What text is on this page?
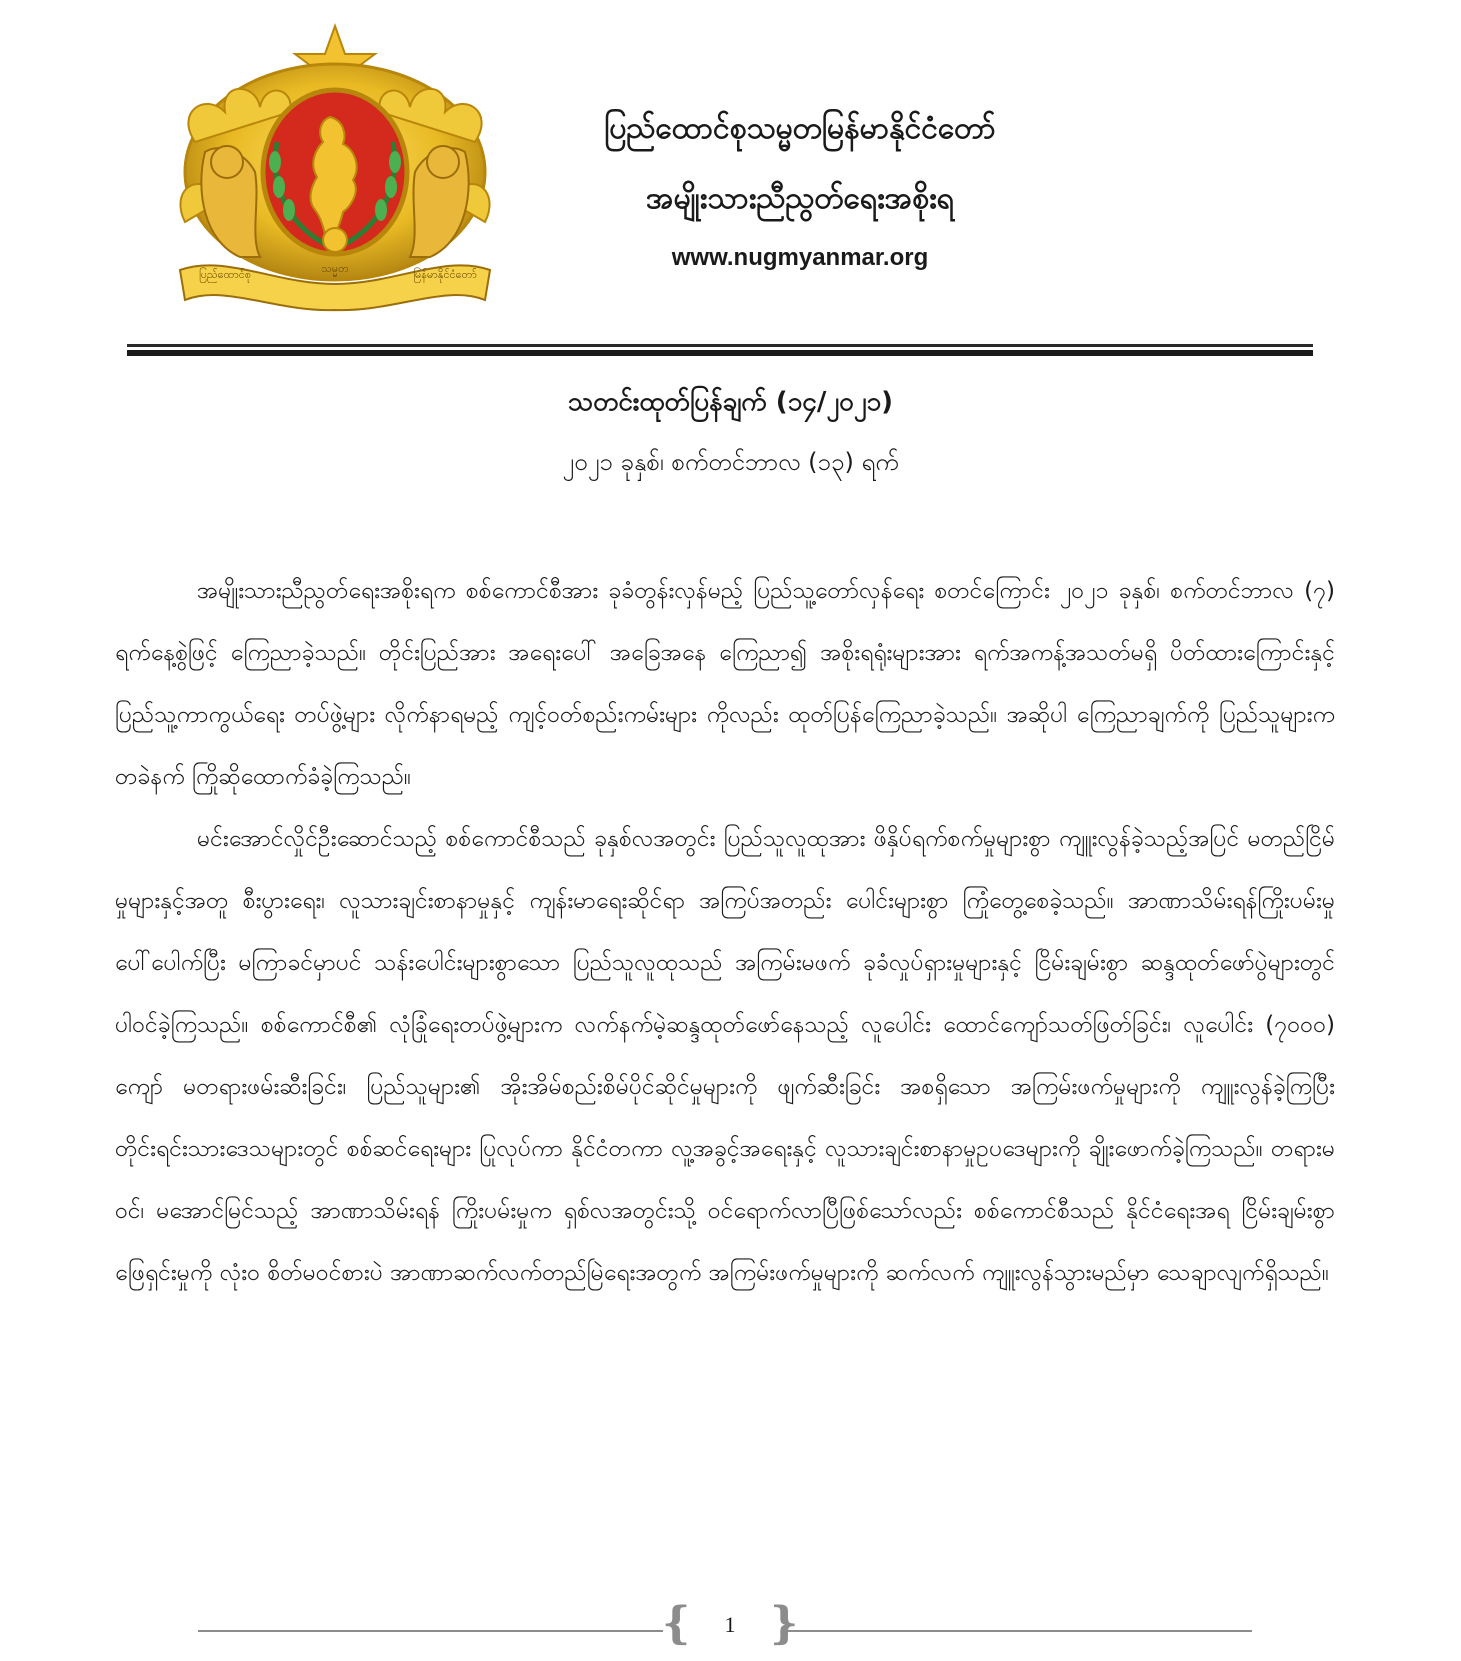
ပြည်ထောင်စု	သမ္မတ	မြန်မာနိုင်ငံတော်
ပြည်ထောင်စုသမ္မတမြန်မာနိုင်ငံတော်
အမျိုးသားညီညွတ်ရေးအစိုးရ
www.nugmyanmar.org
သတင်းထုတ်ပြန်ချက် (၁၄/၂၀၂၁)
၂၀၂၁ ခုနှစ်၊ စက်တင်ဘာလ (၁၃) ရက်

အမျိုးသားညီညွတ်ရေးအစိုးရက စစ်ကောင်စီအား ခုခံတွန်းလှန်မည့် ပြည်သူ့တော်လှန်ရေး စတင်ကြောင်း ၂၀၂၁ ခုနှစ်၊ စက်တင်ဘာလ (၇) ရက်နေ့စွဲဖြင့် ကြေညာခဲ့သည်။ တိုင်းပြည်အား အရေးပေါ် အခြေအနေ ကြေညာ၍ အစိုးရရုံးများအား ရက်အကန့်အသတ်မရှိ ပိတ်ထားကြောင်းနှင့် ပြည်သူ့ကာကွယ်ရေး တပ်ဖွဲ့များ လိုက်နာရမည့် ကျင့်ဝတ်စည်းကမ်းများ ကိုလည်း ထုတ်ပြန်ကြေညာခဲ့သည်။ အဆိုပါ ကြေညာချက်ကို ပြည်သူများက တခဲနက် ကြိုဆိုထောက်ခံခဲ့ကြသည်။

မင်းအောင်လှိုင်ဦးဆောင်သည့် စစ်ကောင်စီသည် ခုနှစ်လအတွင်း ပြည်သူလူထုအား ဖိနှိပ်ရက်စက်မှုများစွာ ကျူးလွန်ခဲ့သည့်အပြင် မတည်ငြိမ်မှုများနှင့်အတူ စီးပွားရေး၊ လူသားချင်းစာနာမှုနှင့် ကျန်းမာရေးဆိုင်ရာ အကြပ်အတည်း ပေါင်းများစွာ ကြုံတွေ့စေခဲ့သည်။ အာဏာသိမ်းရန်ကြိုးပမ်းမှု ပေါ်ပေါက်ပြီး မကြာခင်မှာပင် သန်းပေါင်းများစွာသော ပြည်သူလူထုသည် အကြမ်းမဖက် ခုခံလှုပ်ရှားမှုများနှင့် ငြိမ်းချမ်းစွာ ဆန္ဒထုတ်ဖော်ပွဲများတွင် ပါဝင်ခဲ့ကြသည်။ စစ်ကောင်စီ၏ လုံခြုံရေးတပ်ဖွဲ့များက လက်နက်မဲ့ဆန္ဒထုတ်ဖော်နေသည့် လူပေါင်း ထောင်ကျော်သတ်ဖြတ်ခြင်း၊ လူပေါင်း (၇၀၀၀) ကျော် မတရားဖမ်းဆီးခြင်း၊ ပြည်သူများ၏ အိုးအိမ်စည်းစိမ်ပိုင်ဆိုင်မှုများကို ဖျက်ဆီးခြင်း အစရှိသော အကြမ်းဖက်မှုများကို ကျူးလွန်ခဲ့ကြပြီး တိုင်းရင်းသားဒေသများတွင် စစ်ဆင်ရေးများ ပြုလုပ်ကာ နိုင်ငံတကာ လူ့အခွင့်အရေးနှင့် လူသားချင်းစာနာမှုဥပဒေများကို ချိုးဖောက်ခဲ့ကြသည်။ တရားမဝင်၊ မအောင်မြင်သည့် အာဏာသိမ်းရန် ကြိုးပမ်းမှုက ရှစ်လအတွင်းသို့ ဝင်ရောက်လာပြီဖြစ်သော်လည်း စစ်ကောင်စီသည် နိုင်ငံရေးအရ ငြိမ်းချမ်းစွာ ဖြေရှင်းမှုကို လုံးဝ စိတ်မဝင်စားပဲ အာဏာဆက်လက်တည်မြဲရေးအတွက် အကြမ်းဖက်မှုများကို ဆက်လက် ကျူးလွန်သွားမည်မှာ သေချာလျက်ရှိသည်။

{ }
1
